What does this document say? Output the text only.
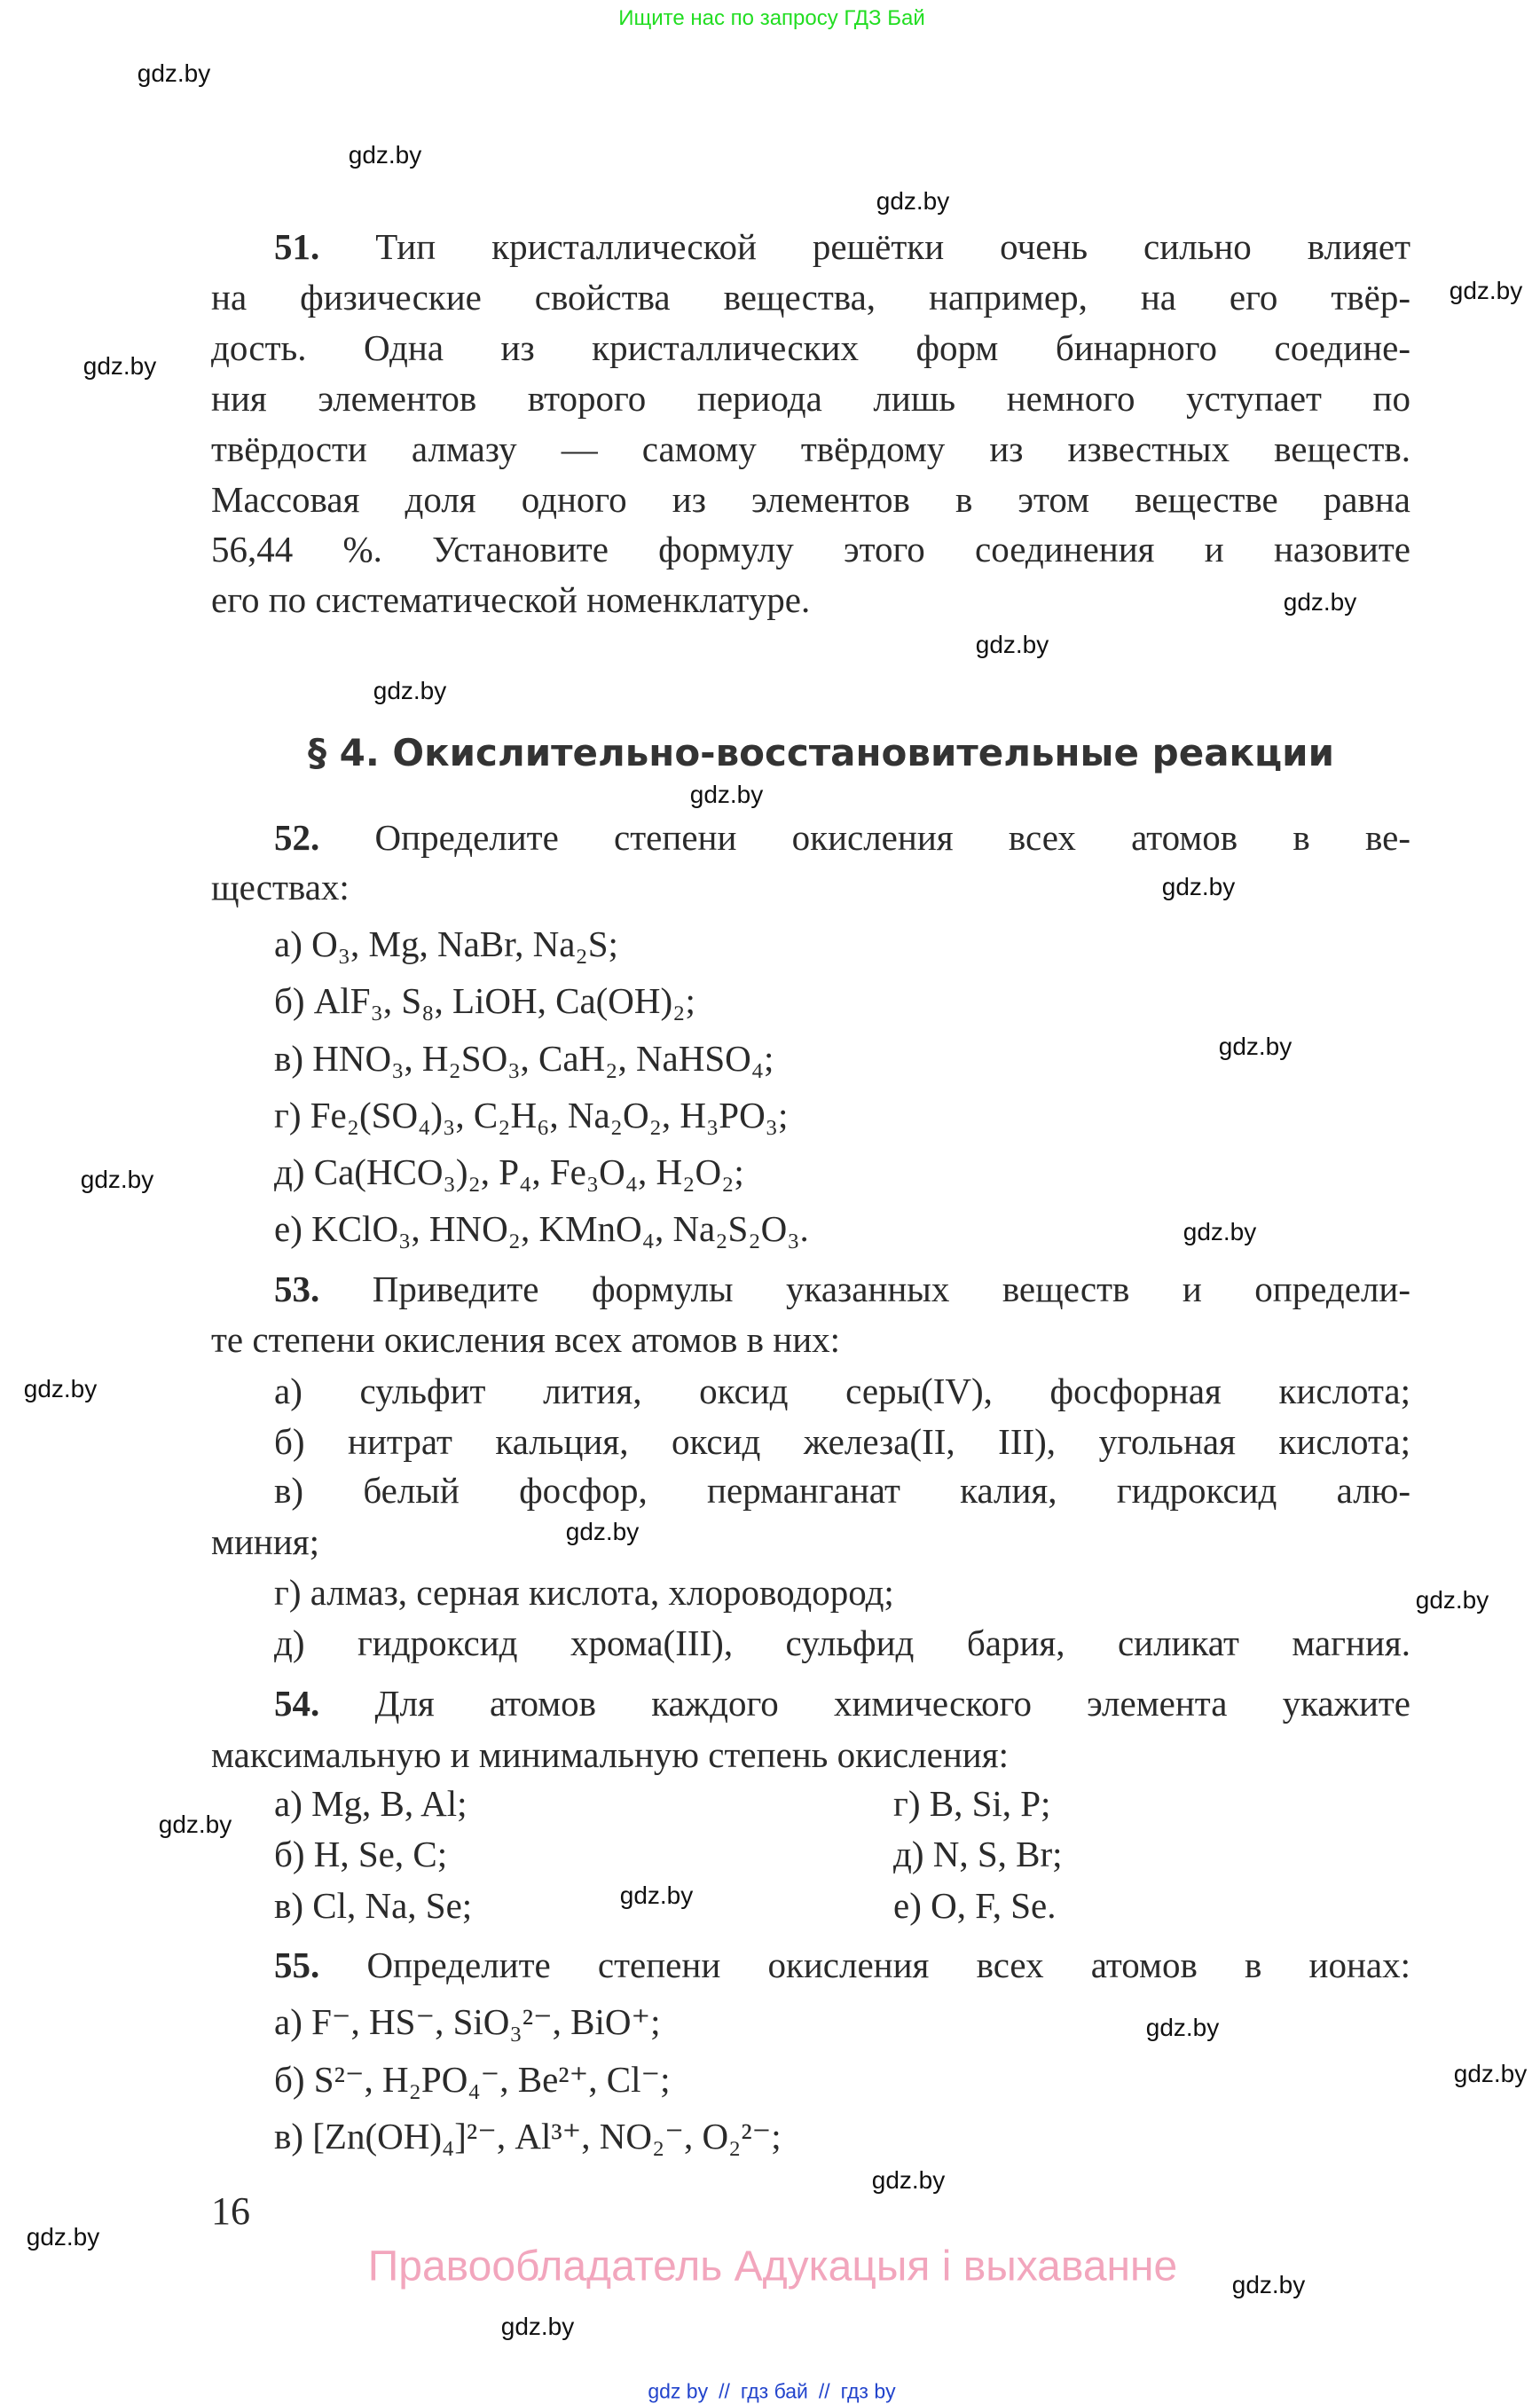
Ищите нас по запросу ГДЗ Бай
51. Тип кристаллической решётки очень сильно влияет
на физические свойства вещества, например, на его твёр-
дость. Одна из кристаллических форм бинарного соедине-
ния элементов второго периода лишь немного уступает по
твёрдости алмазу — самому твёрдому из известных веществ.
Массовая доля одного из элементов в этом веществе равна
56,44 %. Установите формулу этого соединения и назовите
его по систематической номенклатуре.
§ 4. Окислительно-восстановительные реакции
52. Определите степени окисления всех атомов в ве-
ществах:
а) O₃, Mg, NaBr, Na₂S;
б) AlF₃, S₈, LiOH, Ca(OH)₂;
в) HNO₃, H₂SO₃, CaH₂, NaHSO₄;
г) Fe₂(SO₄)₃, C₂H₆, Na₂O₂, H₃PO₃;
д) Ca(HCO₃)₂, P₄, Fe₃O₄, H₂O₂;
е) KClO₃, HNO₂, KMnO₄, Na₂S₂O₃.
53. Приведите формулы указанных веществ и определи-
те степени окисления всех атомов в них:
а) сульфит лития, оксид серы(IV), фосфорная кислота;
б) нитрат кальция, оксид железа(II, III), угольная кислота;
в) белый фосфор, перманганат калия, гидроксид алю-
миния;
г) алмаз, серная кислота, хлороводород;
д) гидроксид хрома(III), сульфид бария, силикат магния.
54. Для атомов каждого химического элемента укажите
максимальную и минимальную степень окисления:
а) Mg, B, Al;
б) H, Se, C;
в) Cl, Na, Se;
г) B, Si, P;
д) N, S, Br;
е) O, F, Se.
55. Определите степени окисления всех атомов в ионах:
а) F⁻, HS⁻, SiO₃²⁻, BiO⁺;
б) S²⁻, H₂PO₄⁻, Be²⁺, Cl⁻;
в) [Zn(OH)₄]²⁻, Al³⁺, NO₂⁻, O₂²⁻;
16
Правообладатель Адукацыя і выхаванне
gdz by // гдз бай // гдз by
gdz.by
gdz.by
gdz.by
gdz.by
gdz.by
gdz.by
gdz.by
gdz.by
gdz.by
gdz.by
gdz.by
gdz.by
gdz.by
gdz.by
gdz.by
gdz.by
gdz.by
gdz.by
gdz.by
gdz.by
gdz.by
gdz.by
gdz.by
gdz.by
